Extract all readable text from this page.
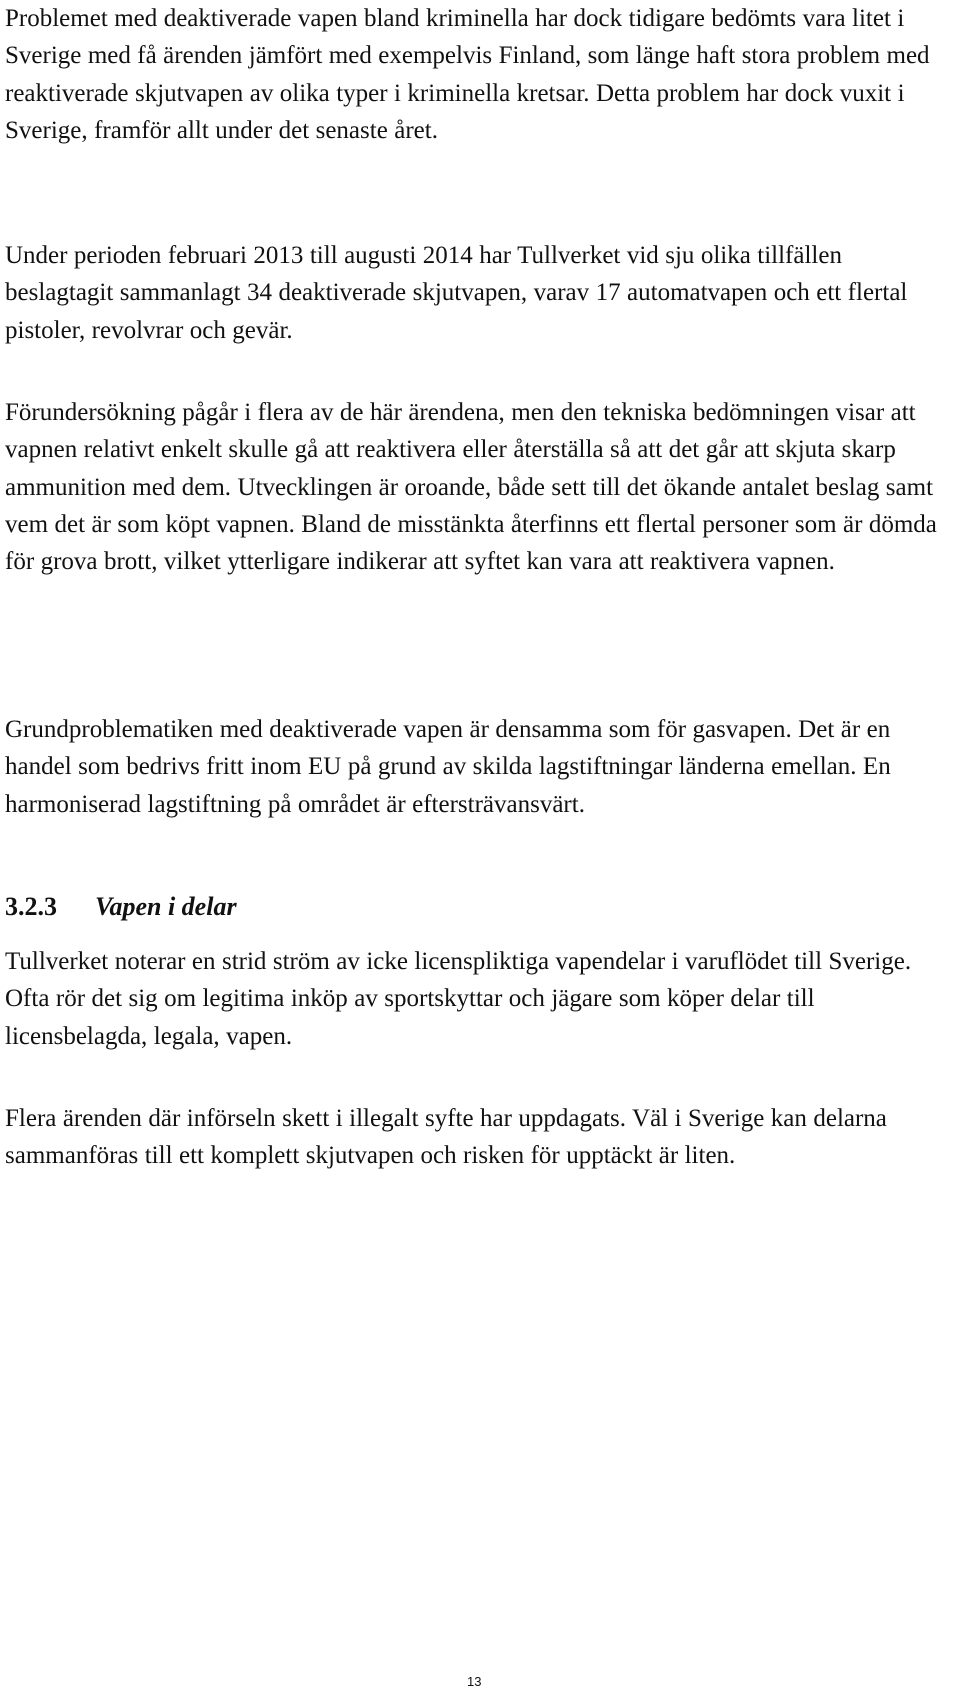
Problemet med deaktiverade vapen bland kriminella har dock tidigare bedömts vara litet i Sverige med få ärenden jämfört med exempelvis Finland, som länge haft stora problem med reaktiverade skjutvapen av olika typer i kriminella kretsar. Detta problem har dock vuxit i Sverige, framför allt under det senaste året.

Under perioden februari 2013 till augusti 2014 har Tullverket vid sju olika tillfällen beslagtagit sammanlagt 34 deaktiverade skjutvapen, varav 17 automatvapen och ett flertal pistoler, revolvrar och gevär.

Förundersökning pågår i flera av de här ärendena, men den tekniska bedömningen visar att vapnen relativt enkelt skulle gå att reaktivera eller återställa så att det går att skjuta skarp ammunition med dem. Utvecklingen är oroande, både sett till det ökande antalet beslag samt vem det är som köpt vapnen. Bland de misstänkta återfinns ett flertal personer som är dömda för grova brott, vilket ytterligare indikerar att syftet kan vara att reaktivera vapnen.

Grundproblematiken med deaktiverade vapen är densamma som för gasvapen. Det är en handel som bedrivs fritt inom EU på grund av skilda lagstiftningar länderna emellan. En harmoniserad lagstiftning på området är eftersträvansvärt.

3.2.3 Vapen i delar

Tullverket noterar en strid ström av icke licenspliktiga vapendelar i varuflödet till Sverige. Ofta rör det sig om legitima inköp av sportskyttar och jägare som köper delar till licensbelagda, legala, vapen.

Flera ärenden där införseln skett i illegalt syfte har uppdagats. Väl i Sverige kan delarna sammanföras till ett komplett skjutvapen och risken för upptäckt är liten.

13
